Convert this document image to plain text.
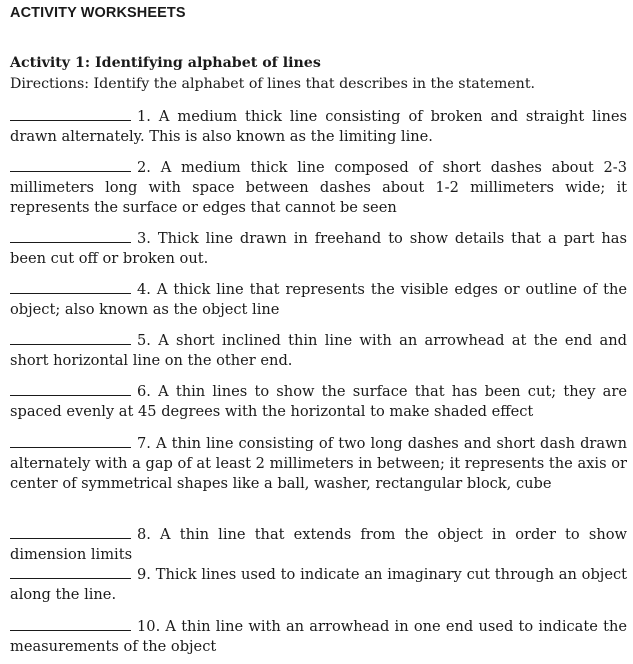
ACTIVITY WORKSHEETS
Activity 1: Identifying alphabet of lines
Directions: Identify the alphabet of lines that describes in the statement.
1. A medium thick line consisting of broken and straight lines drawn alternately. This is also known as the limiting line.
2. A medium thick line composed of short dashes about 2-3 millimeters long with space between dashes about 1-2 millimeters wide; it represents the surface or edges that cannot be seen
3. Thick line drawn in freehand to show details that a part has been cut off or broken out.
4. A thick line that represents the visible edges or outline of the object; also known as the object line
5. A short inclined thin line with an arrowhead at the end and short horizontal line on the other end.
6. A thin lines to show the surface that has been cut; they are spaced evenly at 45 degrees with the horizontal to make shaded effect
7. A thin line consisting of two long dashes and short dash drawn alternately with a gap of at least 2 millimeters in between; it represents the axis or center of symmetrical shapes like a ball, washer, rectangular block, cube
8. A thin line that extends from the object in order to show dimension limits
9. Thick lines used to indicate an imaginary cut through an object along the line.
10. A thin line with an arrowhead in one end used to indicate the measurements of the object
